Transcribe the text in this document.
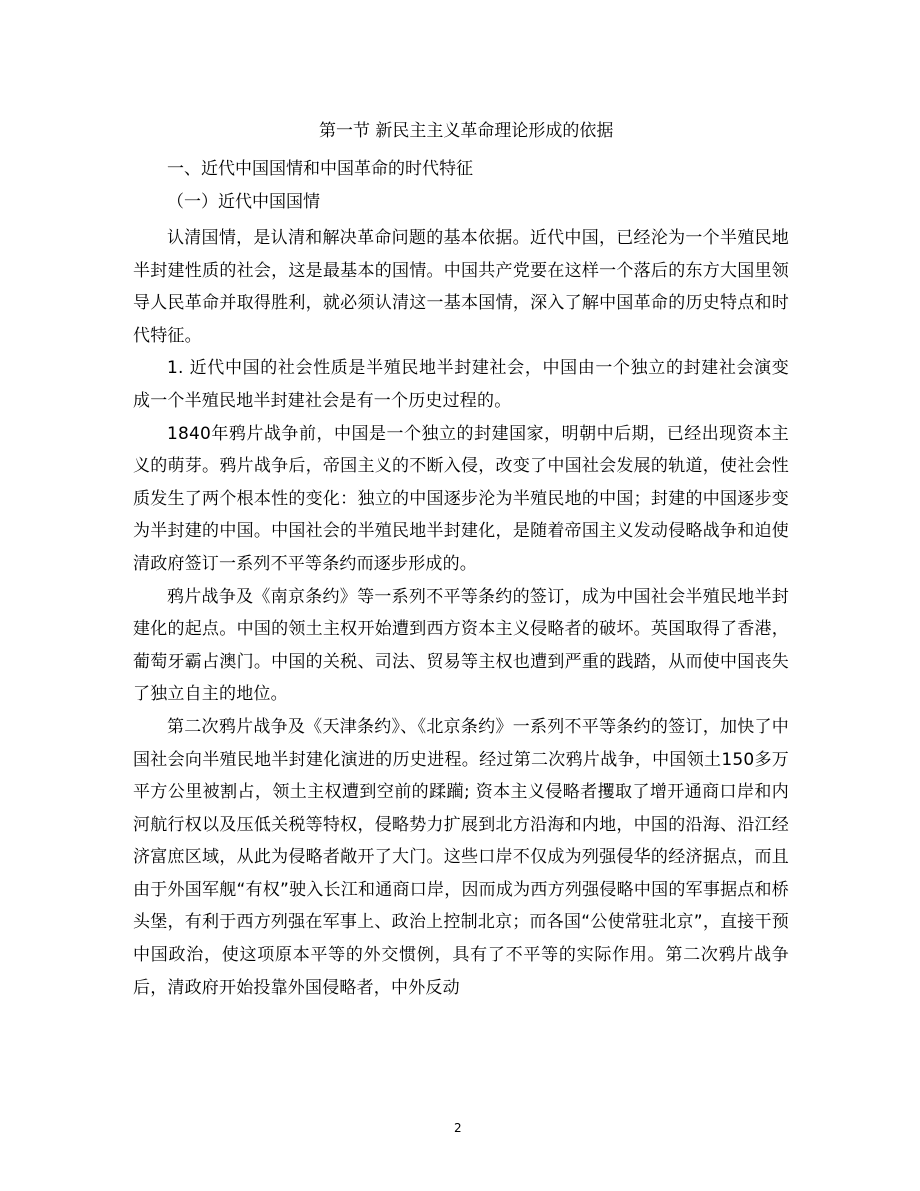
第一节 新民主主义革命理论形成的依据
一、近代中国国情和中国革命的时代特征
（一）近代中国国情

认清国情，是认清和解决革命问题的基本依据。近代中国，已经沦为一个半殖民地半封建性质的社会，这是最基本的国情。中国共产党要在这样一个落后的东方大国里领导人民革命并取得胜利，就必须认清这一基本国情，深入了解中国革命的历史特点和时代特征。

1. 近代中国的社会性质是半殖民地半封建社会，中国由一个独立的封建社会演变成一个半殖民地半封建社会是有一个历史过程的。

1840年鸦片战争前，中国是一个独立的封建国家，明朝中后期，已经出现资本主义的萌芽。鸦片战争后，帝国主义的不断入侵，改变了中国社会发展的轨道，使社会性质发生了两个根本性的变化：独立的中国逐步沦为半殖民地的中国；封建的中国逐步变为半封建的中国。中国社会的半殖民地半封建化，是随着帝国主义发动侵略战争和迫使清政府签订一系列不平等条约而逐步形成的。

鸦片战争及《南京条约》等一系列不平等条约的签订，成为中国社会半殖民地半封建化的起点。中国的领土主权开始遭到西方资本主义侵略者的破坏。英国取得了香港，葡萄牙霸占澳门。中国的关税、司法、贸易等主权也遭到严重的践踏，从而使中国丧失了独立自主的地位。

第二次鸦片战争及《天津条约》、《北京条约》一系列不平等条约的签订，加快了中国社会向半殖民地半封建化演进的历史进程。经过第二次鸦片战争，中国领土150多万平方公里被割占，领土主权遭到空前的蹂躏; 资本主义侵略者攫取了增开通商口岸和内河航行权以及压低关税等特权，侵略势力扩展到北方沿海和内地，中国的沿海、沿江经济富庶区域，从此为侵略者敞开了大门。这些口岸不仅成为列强侵华的经济据点，而且由于外国军舰“有权”驶入长江和通商口岸，因而成为西方列强侵略中国的军事据点和桥头堡，有利于西方列强在军事上、政治上控制北京；而各国“公使常驻北京”，直接干预中国政治，使这项原本平等的外交惯例，具有了不平等的实际作用。第二次鸦片战争后，清政府开始投靠外国侵略者，中外反动

2
